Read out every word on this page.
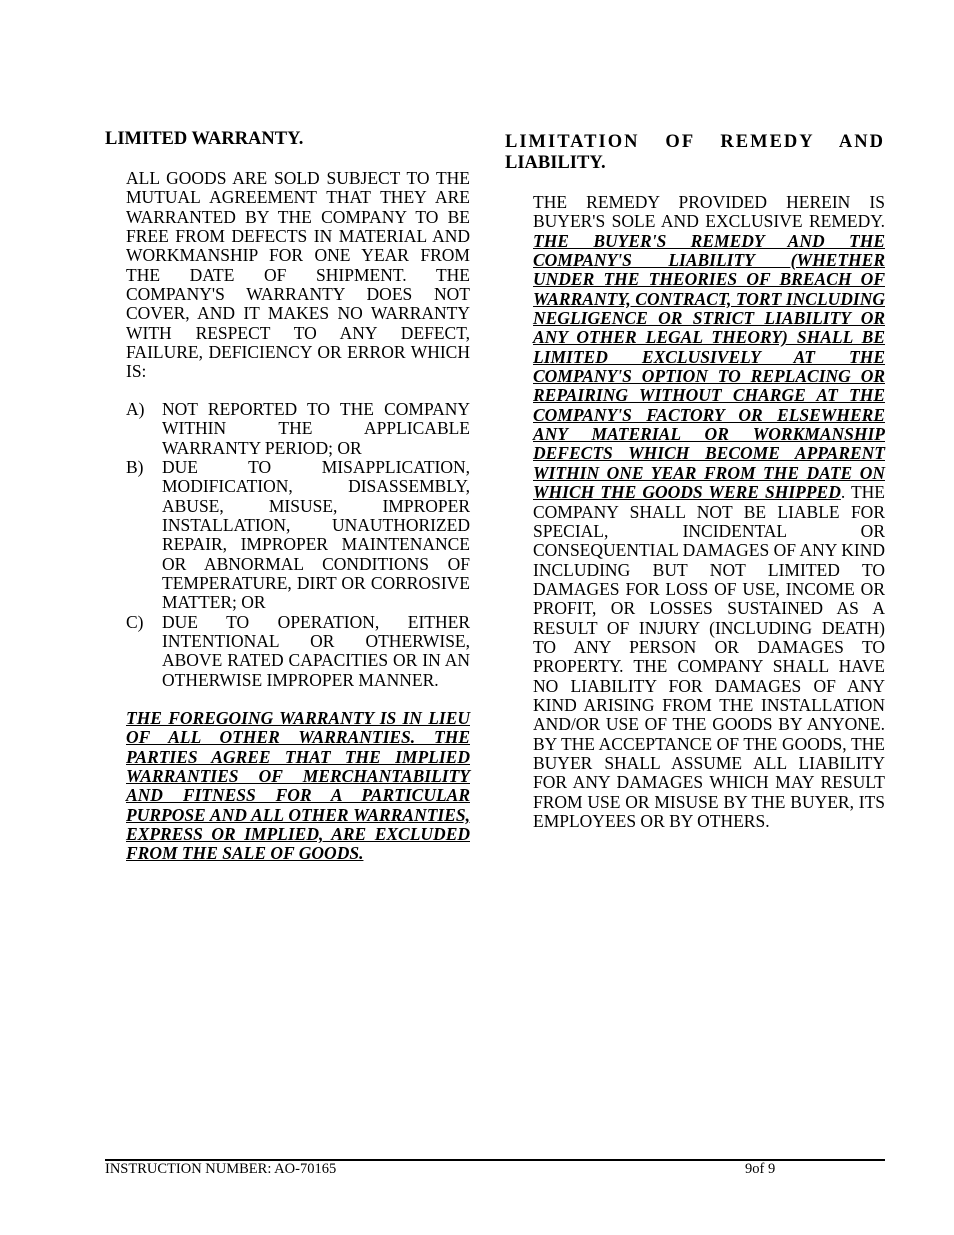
LIMITED WARRANTY.
ALL GOODS ARE SOLD SUBJECT TO THE MUTUAL AGREEMENT THAT THEY ARE WARRANTED BY THE COMPANY TO BE FREE FROM DEFECTS IN MATERIAL AND WORKMANSHIP FOR ONE YEAR FROM THE DATE OF SHIPMENT. THE COMPANY'S WARRANTY DOES NOT COVER, AND IT MAKES NO WARRANTY WITH RESPECT TO ANY DEFECT, FAILURE, DEFICIENCY OR ERROR WHICH IS:
A) NOT REPORTED TO THE COMPANY WITHIN THE APPLICABLE WARRANTY PERIOD; OR
B) DUE TO MISAPPLICATION, MODIFICATION, DISASSEMBLY, ABUSE, MISUSE, IMPROPER INSTALLATION, UNAUTHORIZED REPAIR, IMPROPER MAINTENANCE OR ABNORMAL CONDITIONS OF TEMPERATURE, DIRT OR CORROSIVE MATTER; OR
C) DUE TO OPERATION, EITHER INTENTIONAL OR OTHERWISE, ABOVE RATED CAPACITIES OR IN AN OTHERWISE IMPROPER MANNER.
THE FOREGOING WARRANTY IS IN LIEU OF ALL OTHER WARRANTIES. THE PARTIES AGREE THAT THE IMPLIED WARRANTIES OF MERCHANTABILITY AND FITNESS FOR A PARTICULAR PURPOSE AND ALL OTHER WARRANTIES, EXPRESS OR IMPLIED, ARE EXCLUDED FROM THE SALE OF GOODS.
LIMITATION OF REMEDY AND
LIABILITY.
THE REMEDY PROVIDED HEREIN IS BUYER'S SOLE AND EXCLUSIVE REMEDY. THE BUYER'S REMEDY AND THE COMPANY'S LIABILITY (WHETHER UNDER THE THEORIES OF BREACH OF WARRANTY, CONTRACT, TORT INCLUDING NEGLIGENCE OR STRICT LIABILITY OR ANY OTHER LEGAL THEORY) SHALL BE LIMITED EXCLUSIVELY AT THE COMPANY'S OPTION TO REPLACING OR REPAIRING WITHOUT CHARGE AT THE COMPANY'S FACTORY OR ELSEWHERE ANY MATERIAL OR WORKMANSHIP DEFECTS WHICH BECOME APPARENT WITHIN ONE YEAR FROM THE DATE ON WHICH THE GOODS WERE SHIPPED. THE COMPANY SHALL NOT BE LIABLE FOR SPECIAL, INCIDENTAL OR CONSEQUENTIAL DAMAGES OF ANY KIND INCLUDING BUT NOT LIMITED TO DAMAGES FOR LOSS OF USE, INCOME OR PROFIT, OR LOSSES SUSTAINED AS A RESULT OF INJURY (INCLUDING DEATH) TO ANY PERSON OR DAMAGES TO PROPERTY. THE COMPANY SHALL HAVE NO LIABILITY FOR DAMAGES OF ANY KIND ARISING FROM THE INSTALLATION AND/OR USE OF THE GOODS BY ANYONE. BY THE ACCEPTANCE OF THE GOODS, THE BUYER SHALL ASSUME ALL LIABILITY FOR ANY DAMAGES WHICH MAY RESULT FROM USE OR MISUSE BY THE BUYER, ITS EMPLOYEES OR BY OTHERS.
INSTRUCTION NUMBER: AO-70165	9of 9
